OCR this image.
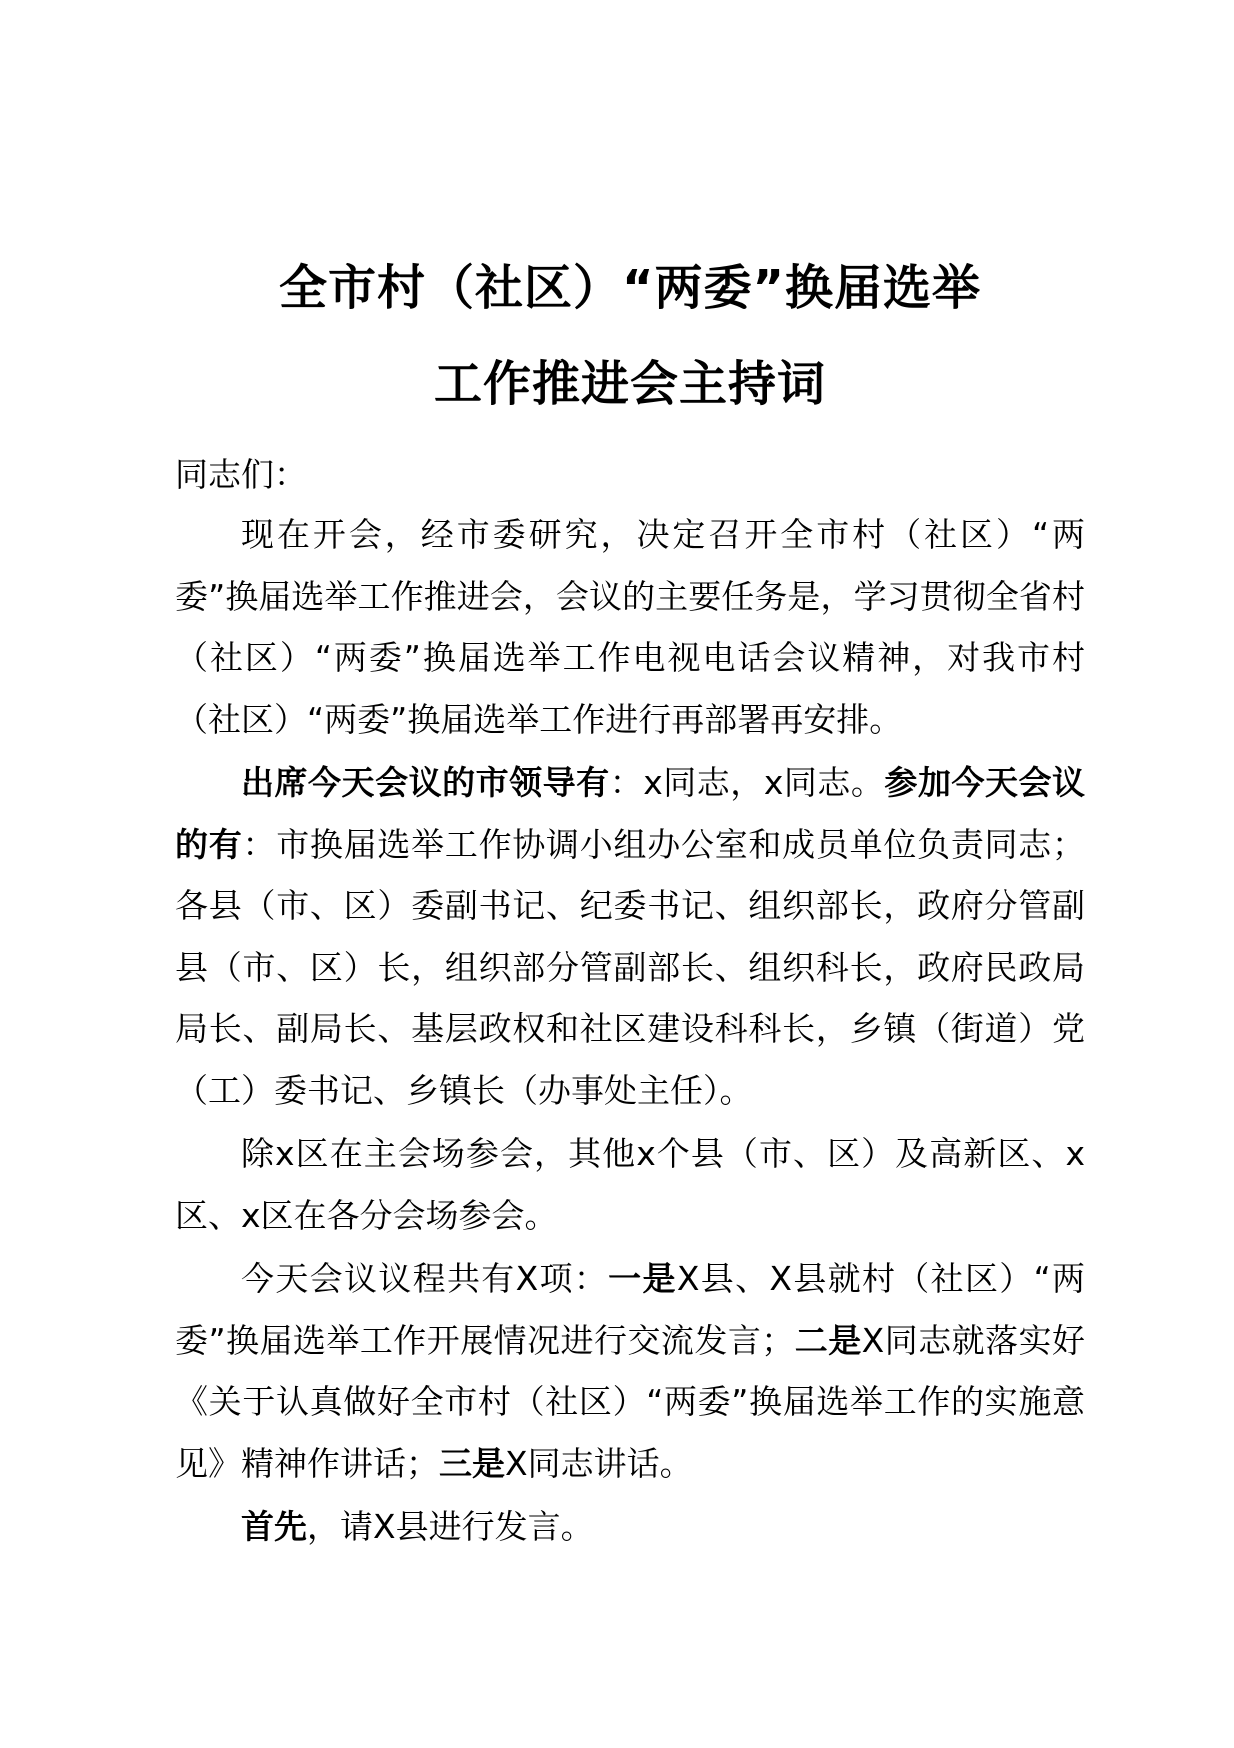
全市村（社区）“两委”换届选举
工作推进会主持词
同志们：

现在开会，经市委研究，决定召开全市村（社区）“两委”换届选举工作推进会，会议的主要任务是，学习贯彻全省村（社区）“两委”换届选举工作电视电话会议精神，对我市村（社区）“两委”换届选举工作进行再部署再安排。

出席今天会议的市领导有：x同志，x同志。参加今天会议的有：市换届选举工作协调小组办公室和成员单位负责同志；各县（市、区）委副书记、纪委书记、组织部长，政府分管副县（市、区）长，组织部分管副部长、组织科长，政府民政局局长、副局长、基层政权和社区建设科科长，乡镇（街道）党（工）委书记、乡镇长（办事处主任）。

除x区在主会场参会，其他x个县（市、区）及高新区、x区、x区在各分会场参会。

今天会议议程共有X项：一是X县、X县就村（社区）“两委”换届选举工作开展情况进行交流发言；二是X同志就落实好《关于认真做好全市村（社区）“两委”换届选举工作的实施意见》精神作讲话；三是X同志讲话。

首先，请X县进行发言。
